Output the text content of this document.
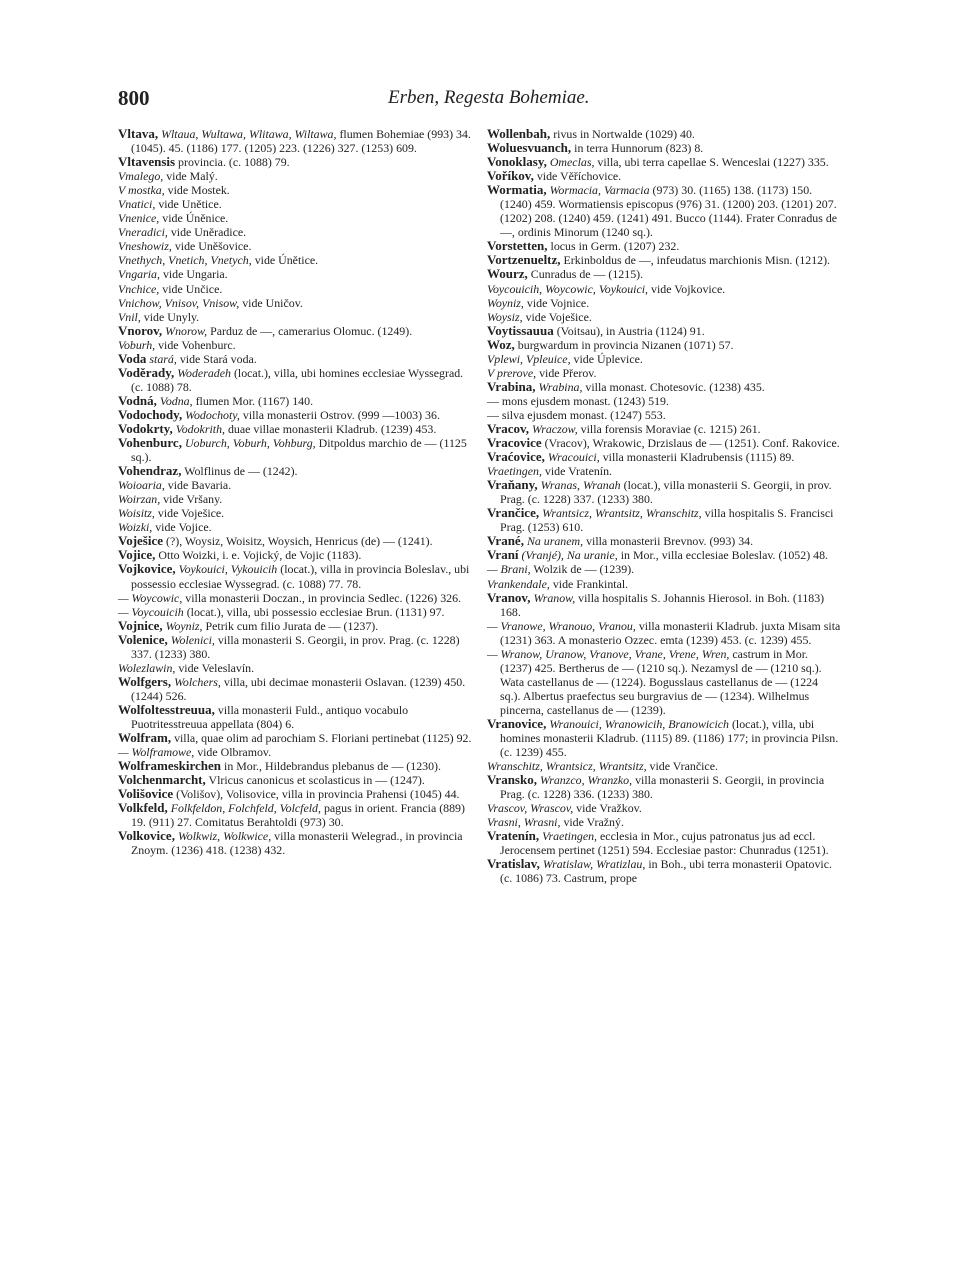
800	Erben, Regesta Bohemiae.

Vltava, Wltaua, Wultawa, Wlitawa, Wiltawa, flumen Bohemiae (993) 34. (1045). 45. (1186) 177. (1205) 223. (1226) 327. (1253) 609.

Vltavensis provincia. (c. 1088) 79.

Vmalego, vide Malý.

V mostka, vide Mostek.

Vnatici, vide Unětice.

Vnenice, vide Úněnice.

Vneradici, vide Uněradice.

Vneshowiz, vide Uněšovice.

Vnethych, Vnetich, Vnetych, vide Únětice.

Vngaria, vide Ungaria.

Vnchice, vide Unčice.

Vnichow, Vnisov, Vnisow, vide Uničov.

Vnil, vide Unyly.

Vnorov, Wnorow, Parduz de —, camerarius Olomuc. (1249).

Voburh, vide Vohenburc.

Voda stará, vide Stará voda.

Voděrady, Woderadeh (locat.), villa, ubi homines ecclesiae Wyssegrad. (c. 1088) 78.

Vodná, Vodna, flumen Mor. (1167) 140.

Vodochody, Wodochoty, villa monasterii Ostrov. (999 —1003) 36.

Vodokrty, Vodokrith, duae villae monasterii Kladrub. (1239) 453.

Vohenburc, Uoburch, Voburh, Vohburg, Ditpoldus marchio de — (1125 sq.).

Vohendraz, Wolflinus de — (1242).

Woioaria, vide Bavaria.

Woirzan, vide Vršany.

Woisitz, vide Voješice.

Woizki, vide Vojice.

Voješice (?), Woysiz, Woisitz, Woysich, Henricus (de) — (1241).

Vojice, Otto Woizki, i. e. Vojický, de Vojic (1183).

Vojkovice, Voykouici, Vykouicih (locat.), villa in provincia Boleslav., ubi possessio ecclesiae Wyssegrad. (c. 1088) 77. 78.

— Woycowic, villa monasterii Doczan., in provincia Sedlec. (1226) 326.

— Voycouicih (locat.), villa, ubi possessio ecclesiae Brun. (1131) 97.

Vojnice, Woyniz, Petrik cum filio Jurata de — (1237).

Volenice, Wolenici, villa monasterii S. Georgii, in prov. Prag. (c. 1228) 337. (1233) 380.

Wolezlawin, vide Veleslavín.

Wolfgers, Wolchers, villa, ubi decimae monasterii Oslavan. (1239) 450. (1244) 526.

Wolfoltesstreuua, villa monasterii Fuld., antiquo vocabulo Puotritesstreuua appellata (804) 6.

Wolfram, villa, quae olim ad parochiam S. Floriani pertinebat (1125) 92.

— Wolframowe, vide Olbramov.

Wolframeskirchen in Mor., Hildebrandus plebanus de — (1230).

Volchenmarcht, Vlricus canonicus et scolasticus in — (1247).

Volišovice (Volišov), Volisovice, villa in provincia Prahensi (1045) 44.

Volkfeld, Folkfeldon, Folchfeld, Volcfeld, pagus in orient. Francia (889) 19. (911) 27. Comitatus Berahtoldi (973) 30.

Volkovice, Wolkwiz, Wolkwice, villa monasterii Welegrad., in provincia Znoym. (1236) 418. (1238) 432.

Wollenbah, rivus in Nortwalde (1029) 40.

Woluesvuanch, in terra Hunnorum (823) 8.

Vonoklasy, Omeclas, villa, ubi terra capellae S. Wenceslai (1227) 335.

Voříkov, vide Věříchovice.

Wormatia, Wormacia, Varmacia (973) 30. (1165) 138. (1173) 150. (1240) 459. Wormatiensis episcopus (976) 31. (1200) 203. (1201) 207. (1202) 208. (1240) 459. (1241) 491. Bucco (1144). Frater Conradus de —, ordinis Minorum (1240 sq.).

Vorstetten, locus in Germ. (1207) 232.

Vortzenueltz, Erkinboldus de —, infeudatus marchionis Misn. (1212).

Wourz, Cunradus de — (1215).

Voycouicih, Woycowic, Voykouici, vide Vojkovice.

Woyniz, vide Vojnice.

Woysiz, vide Voješice.

Voytissauua (Voitsau), in Austria (1124) 91.

Woz, burgwardum in provincia Nizanen (1071) 57.

Vplewi, Vpleuice, vide Úplevice.

V prerove, vide Přerov.

Vrabina, Wrabina, villa monast. Chotesovic. (1238) 435.

— mons ejusdem monast. (1243) 519.

— silva ejusdem monast. (1247) 553.

Vracov, Wraczow, villa forensis Moraviae (c. 1215) 261.

Vracovice (Vracov), Wrakowic, Drzislaus de — (1251). Conf. Rakovice.

Vraćovice, Wracouici, villa monasterii Kladrubensis (1115) 89.

Vraetingen, vide Vratenín.

Vraňany, Wranas, Wranah (locat.), villa monasterii S. Georgii, in prov. Prag. (c. 1228) 337. (1233) 380.

Vrančice, Wrantsicz, Wrantsitz, Wranschitz, villa hospitalis S. Francisci Prag. (1253) 610.

Vrané, Na uranem, villa monasterii Brevnov. (993) 34.

Vraní (Vranjé), Na uranie, in Mor., villa ecclesiae Boleslav. (1052) 48.

— Brani, Wolzik de — (1239).

Vrankendale, vide Frankintal.

Vranov, Wranow, villa hospitalis S. Johannis Hierosol. in Boh. (1183) 168.

— Vranowe, Wranouo, Vranou, villa monasterii Kladrub. juxta Misam sita (1231) 363. A monasterio Ozzec. emta (1239) 453. (c. 1239) 455.

— Wranow, Uranow, Vranove, Vrane, Vrene, Wren, castrum in Mor. (1237) 425. Bertherus de — (1210 sq.). Nezamysl de — (1210 sq.). Wata castellanus de — (1224). Bogusslaus castellanus de — (1224 sq.). Albertus praefectus seu burgravius de — (1234). Wilhelmus pincerna, castellanus de — (1239).

Vranovice, Wranouici, Wranowicih, Branowicich (locat.), villa, ubi homines monasterii Kladrub. (1115) 89. (1186) 177; in provincia Pilsn. (c. 1239) 455.

Wranschitz, Wrantsicz, Wrantsitz, vide Vrančice.

Vransko, Wranzco, Wranzko, villa monasterii S. Georgii, in provincia Prag. (c. 1228) 336. (1233) 380.

Vrascov, Wrascov, vide Vražkov.

Vrasni, Wrasni, vide Vražný.

Vratenín, Vraetingen, ecclesia in Mor., cujus patronatus jus ad eccl. Jerocensem pertinet (1251) 594. Ecclesiae pastor: Chunradus (1251).

Vratislav, Wratislaw, Wratizlau, in Boh., ubi terra monasterii Opatovic. (c. 1086) 73. Castrum, prope
